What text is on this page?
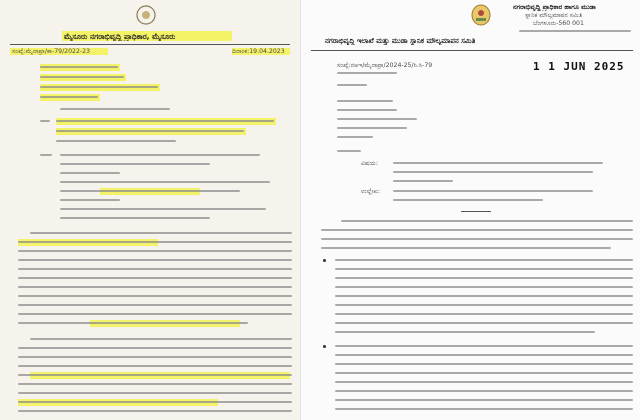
ಮೈಸೂರು ನಗರಾಭಿವೃದ್ಧಿ ಪ್ರಾಧಿಕಾರ, ಮೈಸೂರು
ಸಂಖ್ಯೆ:ಮೈನಾಪ್ರಾ/ಕಾ-79/2022-23	ದಿನಾಂಕ:19.04.2023
ನಗರಾಭಿವೃದ್ಧಿ ಪ್ರಾಧಿಕಾರ ಹಾಗೂ ಮುಡಾ
ಸ್ಥಾನಿಕ ಮೌಲ್ಯಮಾಪನ ಸಮಿತಿ
ಬೆಂಗಳೂರು-560 001
ನಗರಾಭಿವೃದ್ಧಿ ಇಲಾಖೆ ಮತ್ತು ಮುಡಾ ಸ್ಥಾನಿಕ ಮೌಲ್ಯಮಾಪನ ಸಮಿತಿ
ಸಂಖ್ಯೆ:ನಅಇ/ಮೈನಾಪ್ರಾ/2024-25/ಸಿ.ಸಿ-79	1 1 JUN 2025
ವಿಷಯ:
ಉಲ್ಲೇಖ:
